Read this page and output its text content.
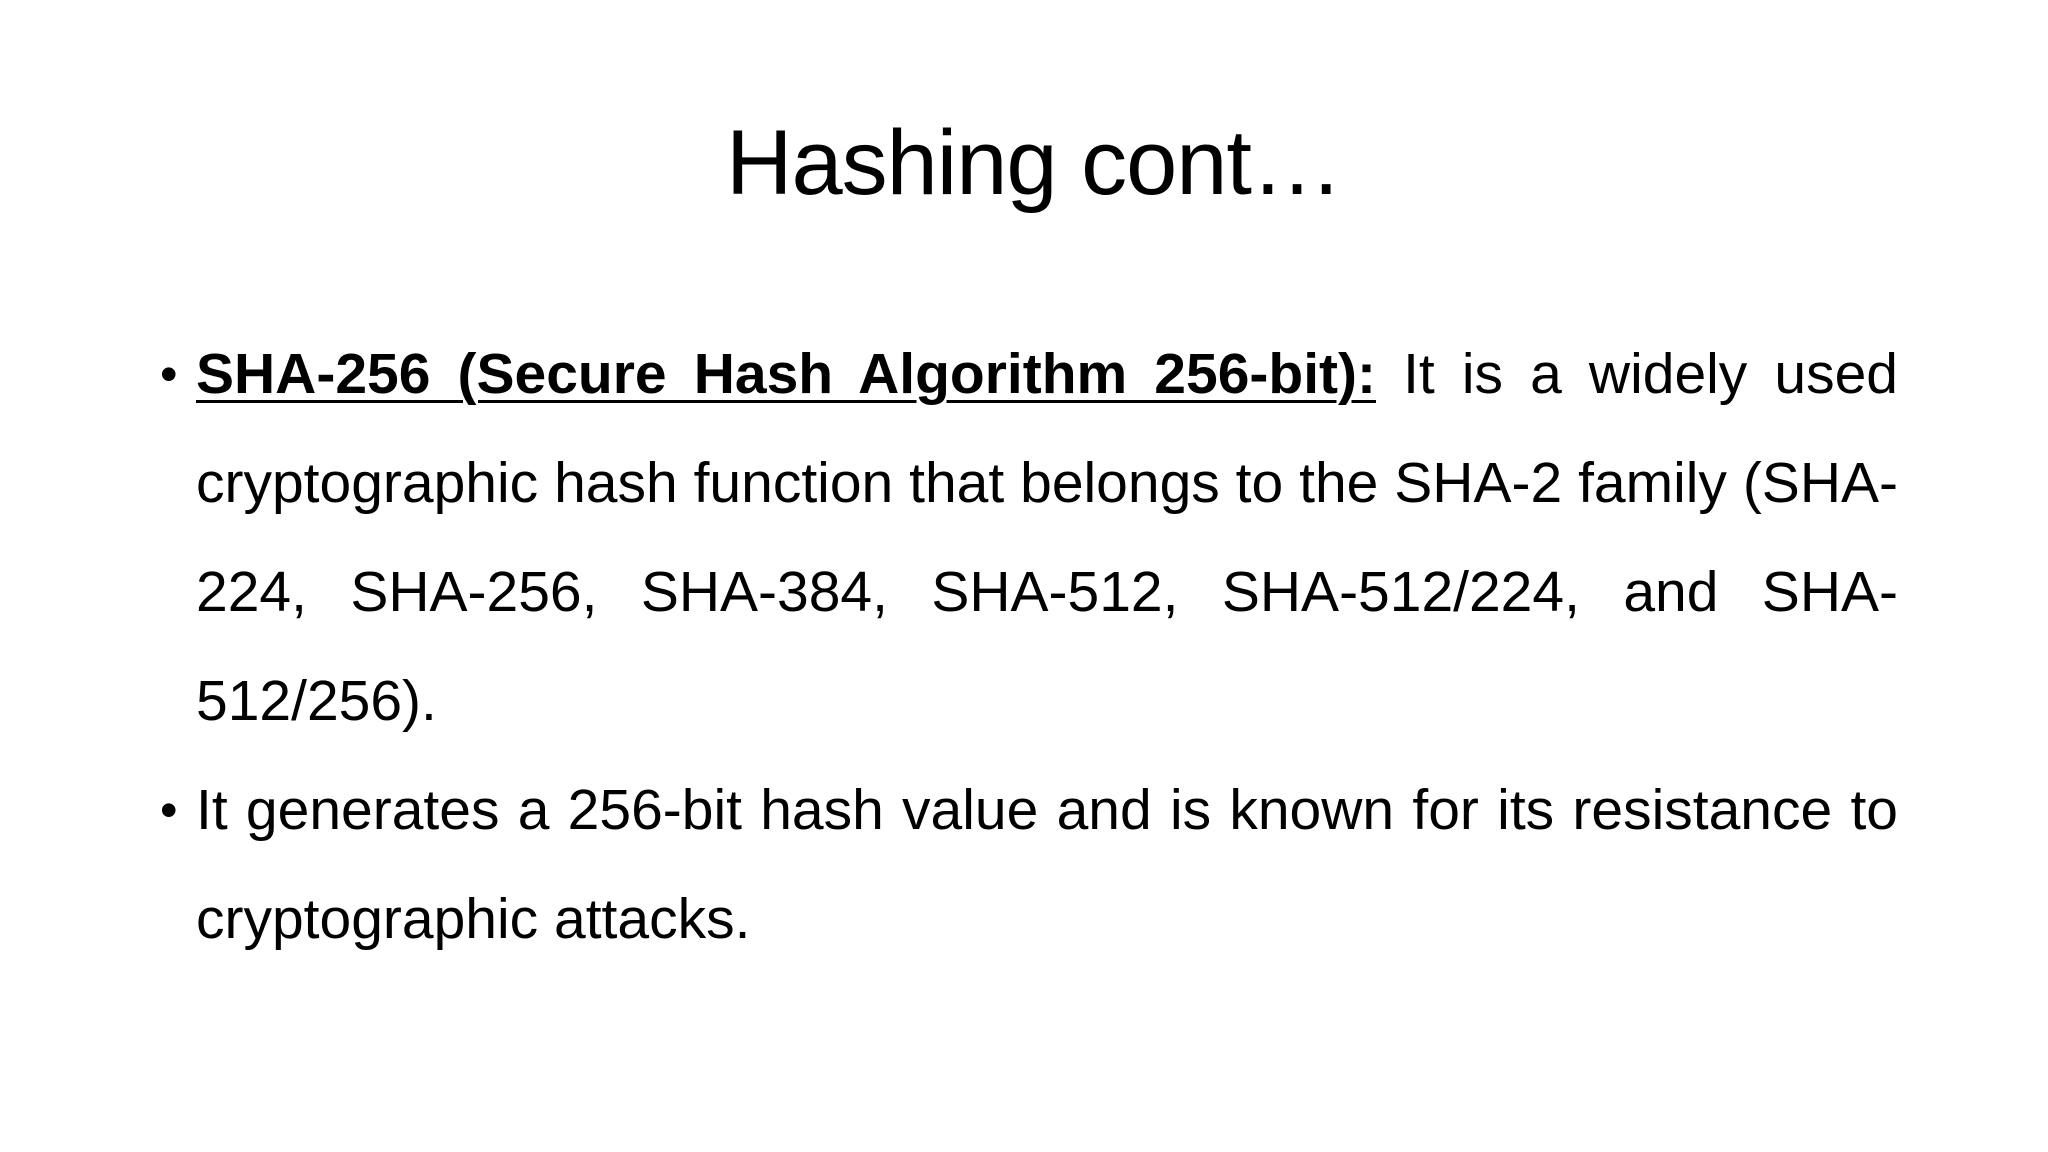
Hashing cont…
• SHA-256 (Secure Hash Algorithm 256-bit): It is a widely used cryptographic hash function that belongs to the SHA-2 family (SHA- 224, SHA-256, SHA-384, SHA-512, SHA-512/224, and SHA-512/256).
• It generates a 256-bit hash value and is known for its resistance to cryptographic attacks.
